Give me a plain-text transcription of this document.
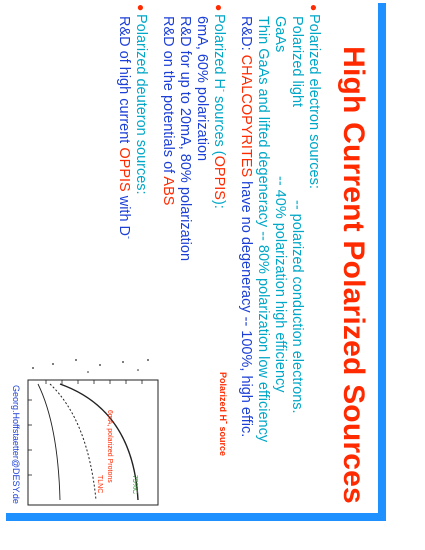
High Current Polarized Sources
●Polarized electron sources:
Polarized light
-- polarized conduction electrons.
GaAs
-- 40% polarization high efficiency
Thin GaAs and lifted degeneracy -- 80% polarization low efficiency
R&D: CHALCOPYRITES have no degeneracy -- 100%, high effic.
●Polarized H- sources (OPPIS):
6mA, 60% polarization
R&D for up to 20mA, 80% polarization
R&D on the potentials of ABS
●Polarized deuteron sources:
R&D of high current OPPIS with D-
Polarized H- source
6mA, polarized Protons
75%C
TLNC
Georg.Hoffstaetter@DESY.de
